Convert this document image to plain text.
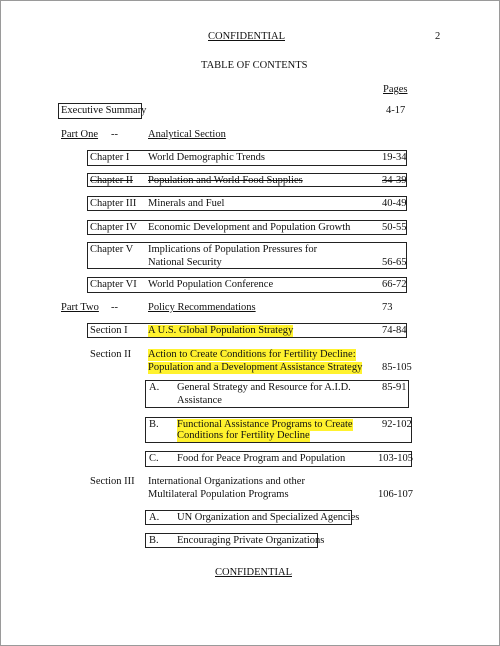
CONFIDENTIAL	2
TABLE OF CONTENTS
Pages
Executive Summary	4-17
Part One --	Analytical Section
Chapter I World Demographic Trends	19-34
Chapter II Population and World Food Supplies	34-39
Chapter III Minerals and Fuel	40-49
Chapter IV Economic Development and Population Growth	50-55
Chapter V Implications of Population Pressures for
National Security	56-65
Chapter VI World Population Conference	66-72
Part Two --	Policy Recommendations	73
Section I A U.S. Global Population Strategy	74-84
Section II Action to Create Conditions for Fertility Decline:
Population and a Development Assistance Strategy 85-105
A. General Strategy and Resource for A.I.D.
Assistance
85-91
B. Functional Assistance Programs to Create
Conditions for Fertility Decline
92-102
C. Food for Peace Program and Population	103-105
Section III International Organizations and other
Multilateral Population Programs	106-107
A. UN Organization and Specialized Agencies
B. Encouraging Private Organizations
CONFIDENTIAL
